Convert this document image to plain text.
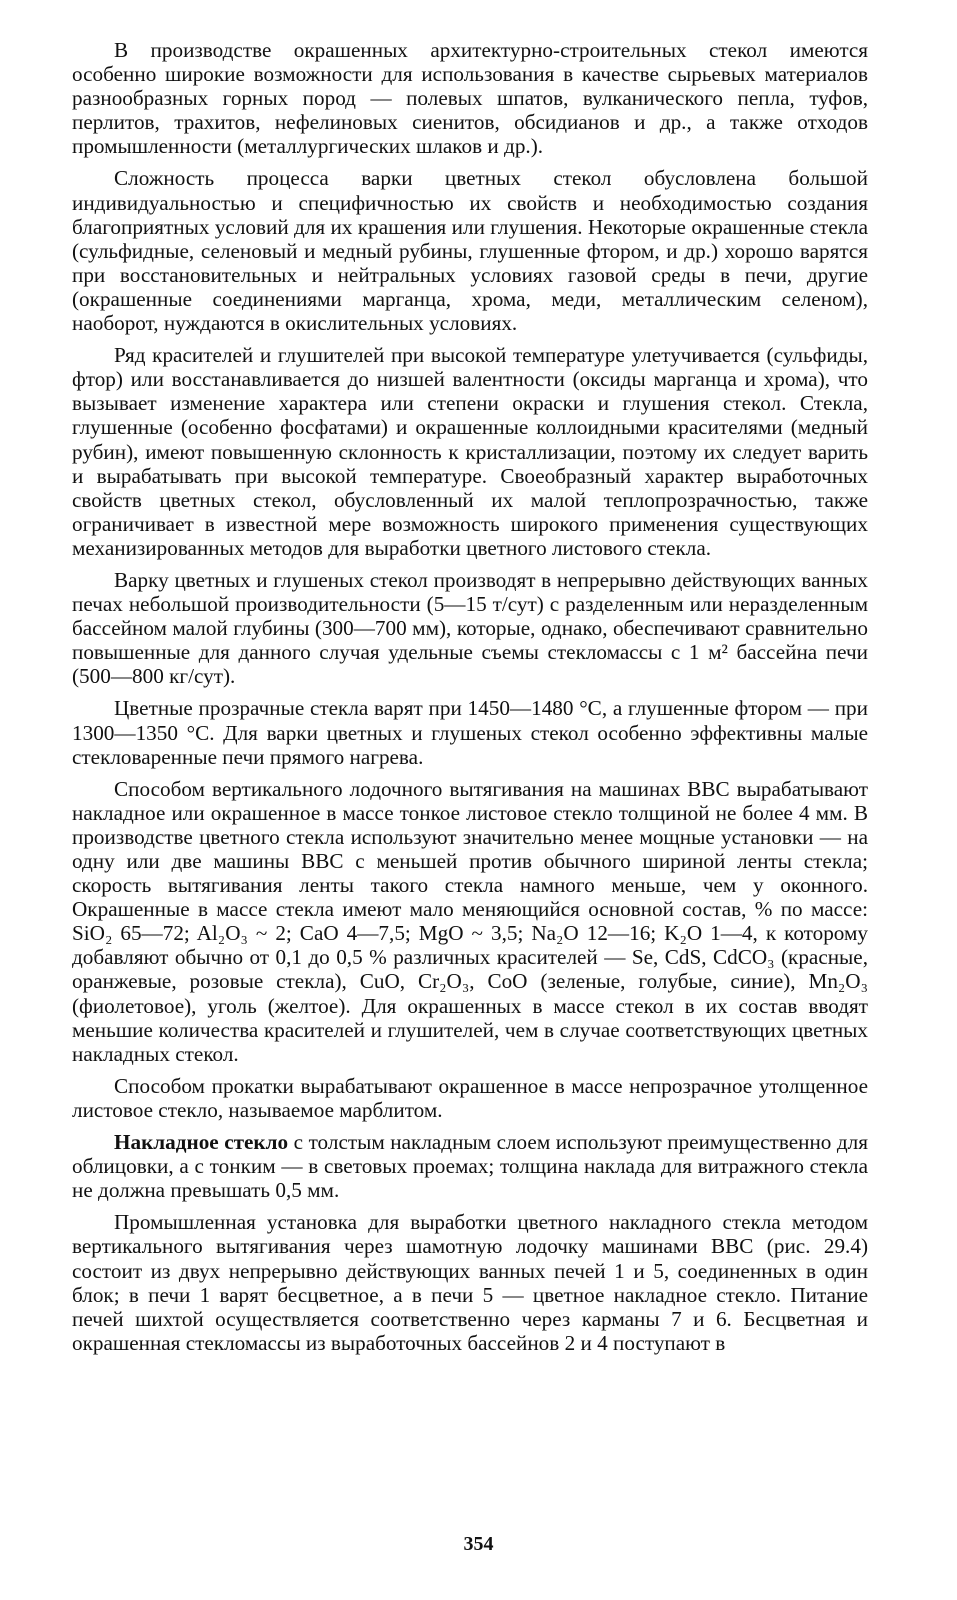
В производстве окрашенных архитектурно-строительных стекол имеются особенно широкие возможности для использования в качестве сырьевых материалов разнообразных горных пород — полевых шпатов, вулканического пепла, туфов, перлитов, трахитов, нефелиновых сиенитов, обсидианов и др., а также отходов промышленности (металлургических шлаков и др.).

Сложность процесса варки цветных стекол обусловлена большой индивидуальностью и специфичностью их свойств и необходимостью создания благоприятных условий для их крашения или глушения. Некоторые окрашенные стекла (сульфидные, селеновый и медный рубины, глушенные фтором, и др.) хорошо варятся при восстановительных и нейтральных условиях газовой среды в печи, другие (окрашенные соединениями марганца, хрома, меди, металлическим селеном), наоборот, нуждаются в окислительных условиях.

Ряд красителей и глушителей при высокой температуре улетучивается (сульфиды, фтор) или восстанавливается до низшей валентности (оксиды марганца и хрома), что вызывает изменение характера или степени окраски и глушения стекол. Стекла, глушенные (особенно фосфатами) и окрашенные коллоидными красителями (медный рубин), имеют повышенную склонность к кристаллизации, поэтому их следует варить и вырабатывать при высокой температуре. Своеобразный характер выработочных свойств цветных стекол, обусловленный их малой теплопрозрачностью, также ограничивает в известной мере возможность широкого применения существующих механизированных методов для выработки цветного листового стекла.

Варку цветных и глушеных стекол производят в непрерывно действующих ванных печах небольшой производительности (5—15 т/сут) с разделенным или неразделенным бассейном малой глубины (300—700 мм), которые, однако, обеспечивают сравнительно повышенные для данного случая удельные съемы стекломассы с 1 м² бассейна печи (500—800 кг/сут).

Цветные прозрачные стекла варят при 1450—1480 °С, а глушенные фтором — при 1300—1350 °С. Для варки цветных и глушеных стекол особенно эффективны малые стекловаренные печи прямого нагрева.

Способом вертикального лодочного вытягивания на машинах ВВС вырабатывают накладное или окрашенное в массе тонкое листовое стекло толщиной не более 4 мм. В производстве цветного стекла используют значительно менее мощные установки — на одну или две машины ВВС с меньшей против обычного шириной ленты стекла; скорость вытягивания ленты такого стекла намного меньше, чем у оконного. Окрашенные в массе стекла имеют мало меняющийся основной состав, % по массе: SiO₂ 65—72; Al₂O₃ ~ 2; CaO 4—7,5; MgO ~ 3,5; Na₂O 12—16; K₂O 1—4, к которому добавляют обычно от 0,1 до 0,5 % различных красителей — Se, CdS, CdCO₃ (красные, оранжевые, розовые стекла), CuO, Cr₂O₃, CoO (зеленые, голубые, синие), Mn₂O₃ (фиолетовое), уголь (желтое). Для окрашенных в массе стекол в их состав вводят меньшие количества красителей и глушителей, чем в случае соответствующих цветных накладных стекол.

Способом прокатки вырабатывают окрашенное в массе непрозрачное утолщенное листовое стекло, называемое марблитом.

Накладное стекло с толстым накладным слоем используют преимущественно для облицовки, а с тонким — в световых проемах; толщина наклада для витражного стекла не должна превышать 0,5 мм.

Промышленная установка для выработки цветного накладного стекла методом вертикального вытягивания через шамотную лодочку машинами ВВС (рис. 29.4) состоит из двух непрерывно действующих ванных печей 1 и 5, соединенных в один блок; в печи 1 варят бесцветное, а в печи 5 — цветное накладное стекло. Питание печей шихтой осуществляется соответственно через карманы 7 и 6. Бесцветная и окрашенная стекломассы из выработочных бассейнов 2 и 4 поступают в

354
